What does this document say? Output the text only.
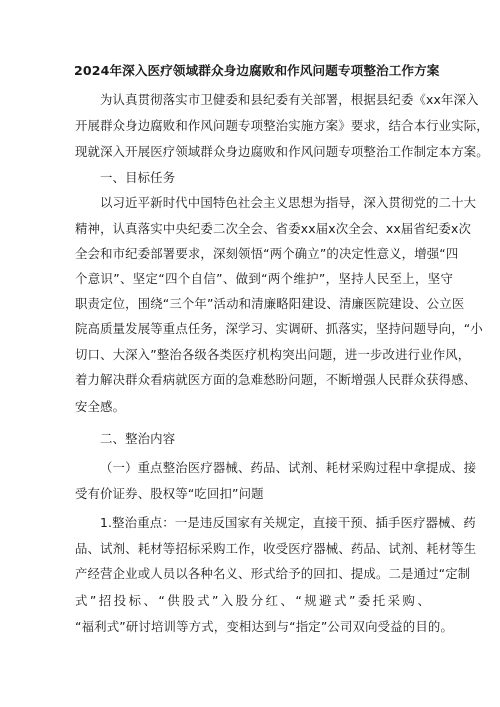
2024年深入医疗领域群众身边腐败和作风问题专项整治工作方案
为认真贯彻落实市卫健委和县纪委有关部署，根据县纪委《xx年深入
开展群众身边腐败和作风问题专项整治实施方案》要求，结合本行业实际，
现就深入开展医疗领域群众身边腐败和作风问题专项整治工作制定本方案。
一、目标任务
以习近平新时代中国特色社会主义思想为指导，深入贯彻党的二十大
精神，认真落实中央纪委二次全会、省委xx届x次全会、xx届省纪委x次
全会和市纪委部署要求，深刻领悟“两个确立”的决定性意义，增强“四
个意识”、坚定“四个自信”、做到“两个维护”，坚持人民至上，坚守
职责定位，围绕“三个年”活动和清廉略阳建设、清廉医院建设、公立医
院高质量发展等重点任务，深学习、实调研、抓落实，坚持问题导向，“小
切口、大深入”整治各级各类医疗机构突出问题，进一步改进行业作风，
着力解决群众看病就医方面的急难愁盼问题，不断增强人民群众获得感、
安全感。
二、整治内容
（一）重点整治医疗器械、药品、试剂、耗材采购过程中拿提成、接
受有价证券、股权等“吃回扣”问题
1.整治重点：一是违反国家有关规定，直接干预、插手医疗器械、药
品、试剂、耗材等招标采购工作，收受医疗器械、药品、试剂、耗材等生
产经营企业或人员以各种名义、形式给予的回扣、提成。二是通过“定制
式”招投标、“供股式”入股分红、“规避式”委托采购、
“福利式”研讨培训等方式，变相达到与“指定”公司双向受益的目的。
